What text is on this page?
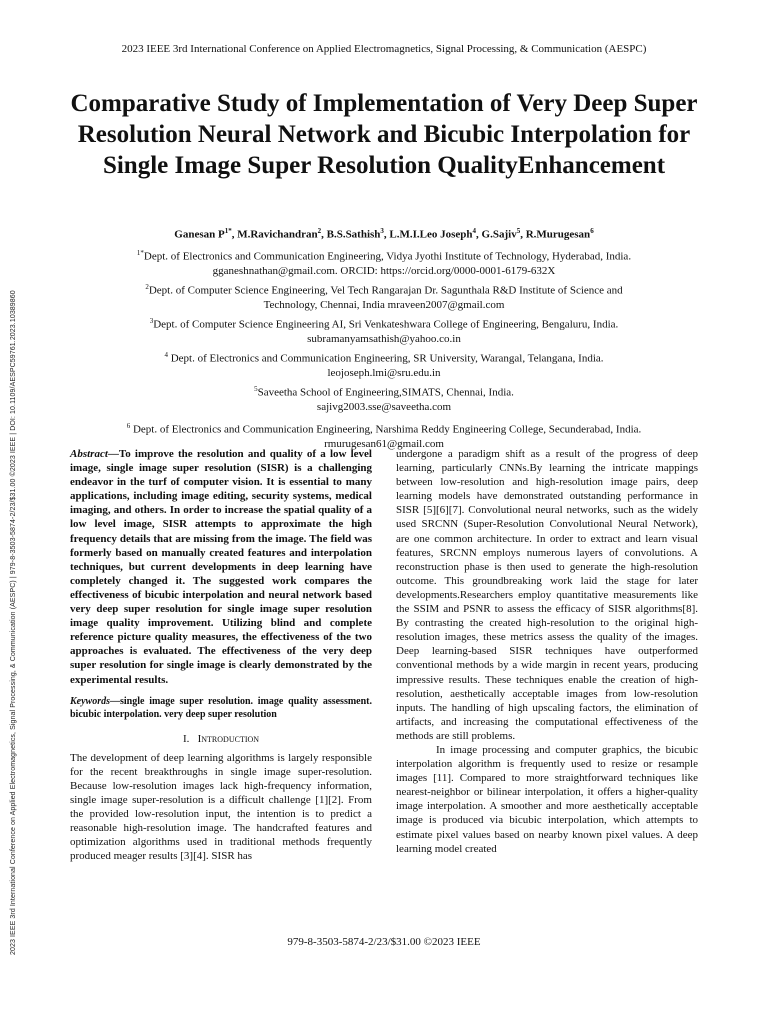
2023 IEEE 3rd International Conference on Applied Electromagnetics, Signal Processing, & Communication (AESPC) | 979-8-3503-5874-2/23/$31.00 ©2023 IEEE | DOI: 10.1109/AESPC59761.2023.10389860
2023 IEEE 3rd International Conference on Applied Electromagnetics, Signal Processing, & Communication (AESPC)
Comparative Study of Implementation of Very Deep Super Resolution Neural Network and Bicubic Interpolation for Single Image Super Resolution QualityEnhancement
Ganesan $P^{1*}$, M.Ravichandran$^2$, B.S.Sathish$^3$, L.M.I.Leo Joseph$^4$, G.Sajiv$^5$, R.Murugesan$^6$
$^{1*}$Dept. of Electronics and Communication Engineering, Vidya Jyothi Institute of Technology, Hyderabad, India.
gganeshnathan@gmail.com. ORCID: https://orcid.org/0000-0001-6179-632X
$^2$Dept. of Computer Science Engineering, Vel Tech Rangarajan Dr. Sagunthala R&D Institute of Science and
Technology, Chennai, India mraveen2007@gmail.com
$^3$Dept. of Computer Science Engineering AI, Sri Venkateshwara College of Engineering, Bengaluru, India.
subramanyamsathish@yahoo.co.in
$^4$ Dept. of Electronics and Communication Engineering, SR University, Warangal, Telangana, India.
leojoseph.lmi@sru.edu.in
$^5$Saveetha School of Engineering,SIMATS, Chennai, India.
sajivg2003.sse@saveetha.com
$^6$ Dept. of Electronics and Communication Engineering, Narshima Reddy Engineering College, Secunderabad, India.
rmurugesan61@gmail.com

Abstract—To improve the resolution and quality of a low level image, single image super resolution (SISR) is a challenging endeavor in the turf of computer vision. It is essential to many applications, including image editing, security systems, medical imaging, and others. In order to increase the spatial quality of a low level image, SISR attempts to approximate the high frequency details that are missing from the image. The field was formerly based on manually created features and interpolation techniques, but current developments in deep learning have completely changed it. The suggested work compares the effectiveness of bicubic interpolation and neural network based very deep super resolution for single image super resolution image quality improvement. Utilizing blind and complete reference picture quality measures, the effectiveness of the two approaches is evaluated. The effectiveness of the very deep super resolution for single image is clearly demonstrated by the experimental results.

Keywords—single image super resolution. image quality assessment. bicubic interpolation. very deep super resolution

I. Introduction

The development of deep learning algorithms is largely responsible for the recent breakthroughs in single image super-resolution. Because low-resolution images lack high-frequency information, single image super-resolution is a difficult challenge [1][2]. From the provided low-resolution input, the intention is to predict a reasonable high-resolution image. The handcrafted features and optimization algorithms used in traditional methods frequently produced meager results [3][4]. SISR has

undergone a paradigm shift as a result of the progress of deep learning, particularly CNNs.By learning the intricate mappings between low-resolution and high-resolution image pairs, deep learning models have demonstrated outstanding performance in SISR [5][6][7]. Convolutional neural networks, such as the widely used SRCNN (Super-Resolution Convolutional Neural Network), are one common architecture. In order to extract and learn visual features, SRCNN employs numerous layers of convolutions. A reconstruction phase is then used to generate the high-resolution outcome. This groundbreaking work laid the stage for later developments.Researchers employ quantitative measurements like the SSIM and PSNR to assess the efficacy of SISR algorithms[8]. By contrasting the created high-resolution to the original high-resolution images, these metrics assess the quality of the images. Deep learning-based SISR techniques have outperformed conventional methods by a wide margin in recent years, producing impressive results. These techniques enable the creation of high-resolution, aesthetically acceptable images from low-resolution inputs. The handling of high upscaling factors, the elimination of artifacts, and increasing the computational effectiveness of the methods are still problems.

In image processing and computer graphics, the bicubic interpolation algorithm is frequently used to resize or resample images [11]. Compared to more straightforward techniques like nearest-neighbor or bilinear interpolation, it offers a higher-quality image interpolation. A smoother and more aesthetically acceptable image is produced via bicubic interpolation, which attempts to estimate pixel values based on nearby known pixel values. A deep learning model created

979-8-3503-5874-2/23/$31.00 ©2023 IEEE
